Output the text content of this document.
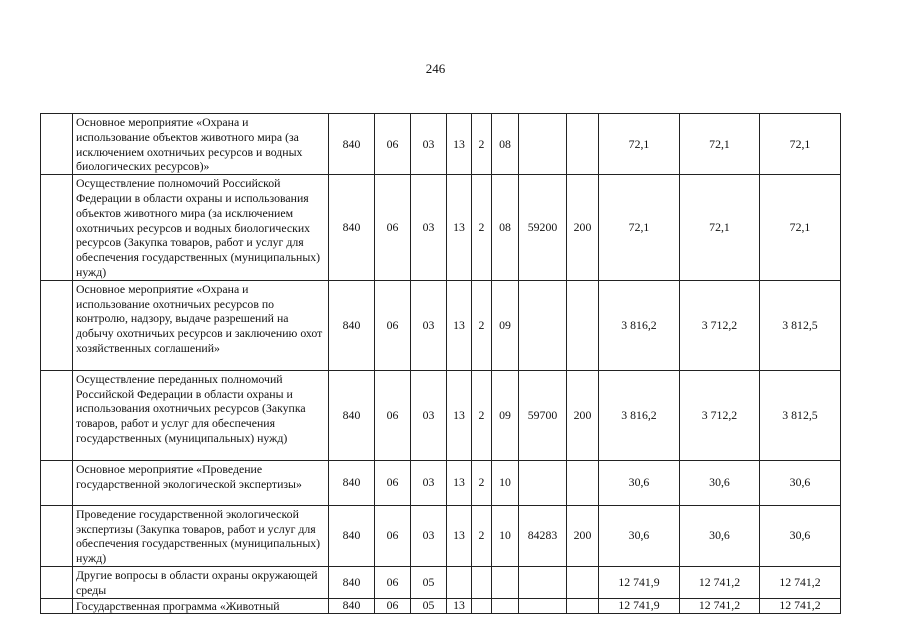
246
	Основное мероприятие «Охрана и использование объектов животного мира (за исключением охотничьих ресурсов и водных биологических ресурсов)»	840	06	03	13	2	08			72,1	72,1	72,1
	Осуществление полномочий Российской Федерации в области охраны и использования объектов животного мира (за исключением охотничьих ресурсов и водных биологических ресурсов (Закупка товаров, работ и услуг для обеспечения государственных (муниципальных) нужд)	840	06	03	13	2	08	59200	200	72,1	72,1	72,1
	Основное мероприятие «Охрана и использование охотничьих ресурсов по контролю, надзору, выдаче разрешений на добычу охотничьих ресурсов и заключению охот хозяйственных соглашений»	840	06	03	13	2	09			3 816,2	3 712,2	3 812,5
	Осуществление переданных полномочий Российской Федерации в области охраны и использования охотничьих ресурсов (Закупка товаров, работ и услуг для обеспечения государственных (муниципальных) нужд)	840	06	03	13	2	09	59700	200	3 816,2	3 712,2	3 812,5
	Основное мероприятие «Проведение государственной экологической экспертизы»	840	06	03	13	2	10			30,6	30,6	30,6
	Проведение государственной экологической экспертизы (Закупка товаров, работ и услуг для обеспечения государственных (муниципальных) нужд)	840	06	03	13	2	10	84283	200	30,6	30,6	30,6
	Другие вопросы в области охраны окружающей среды	840	06	05						12 741,9	12 741,2	12 741,2
	Государственная программа «Животный	840	06	05	13					12 741,9	12 741,2	12 741,2
